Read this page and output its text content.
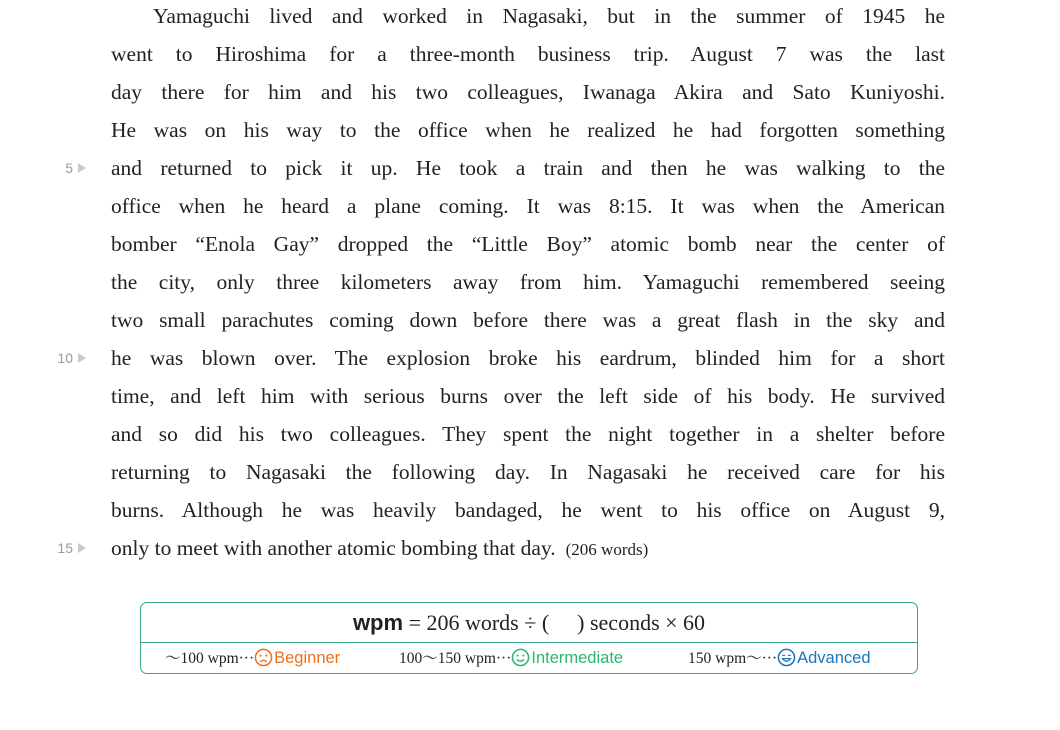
Yamaguchi lived and worked in Nagasaki, but in the summer of 1945 he
went to Hiroshima for a three-month business trip. August 7 was the last
day there for him and his two colleagues, Iwanaga Akira and Sato Kuniyoshi.
He was on his way to the office when he realized he had forgotten something
and returned to pick it up. He took a train and then he was walking to the
office when he heard a plane coming. It was 8:15. It was when the American
bomber “Enola Gay” dropped the “Little Boy” atomic bomb near the center of
the city, only three kilometers away from him. Yamaguchi remembered seeing
two small parachutes coming down before there was a great flash in the sky and
he was blown over. The explosion broke his eardrum, blinded him for a short
time, and left him with serious burns over the left side of his body. He survived
and so did his two colleagues. They spent the night together in a shelter before
returning to Nagasaki the following day. In Nagasaki he received care for his
burns. Although he was heavily bandaged, he went to his office on August 9,
only to meet with another atomic bombing that day. (206 words)
5
10
15
wpm = 206 words ÷ ( ) seconds × 60
～100 wpm··· Beginner	100～150 wpm··· Intermediate	150 wpm～··· Advanced
